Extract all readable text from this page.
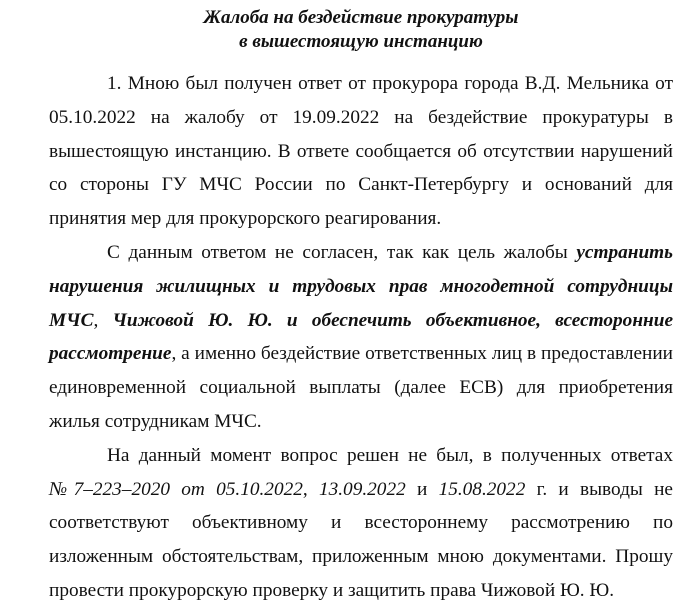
Жалоба на бездействие прокуратуры
в вышестоящую инстанцию

1. Мною был получен ответ от прокурора города В.Д. Мельника от 05.10.2022 на жалобу от 19.09.2022 на бездействие прокуратуры в вышестоящую инстанцию. В ответе сообщается об отсутствии нарушений со стороны ГУ МЧС России по Санкт-Петербургу и оснований для принятия мер для прокурорского реагирования.

С данным ответом не согласен, так как цель жалобы устранить нарушения жилищных и трудовых прав многодетной сотрудницы МЧС, Чижовой Ю. Ю. и обеспечить объективное, всесторонние рассмотрение, а именно бездействие ответственных лиц в предоставлении единовременной социальной выплаты (далее ЕСВ) для приобретения жилья сотрудникам МЧС.

На данный момент вопрос решен не был, в полученных ответах №7–223–2020 от 05.10.2022, 13.09.2022 и 15.08.2022 г. и выводы не соответствуют объективному и всестороннему рассмотрению по изложенным обстоятельствам, приложенным мною документами. Прошу провести прокурорскую проверку и защитить права Чижовой Ю. Ю.
